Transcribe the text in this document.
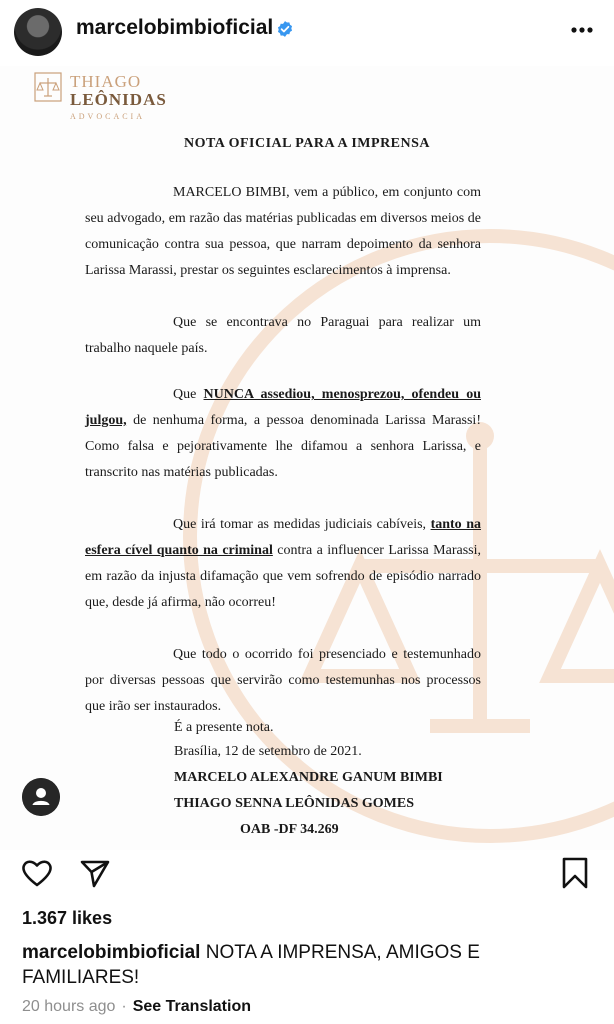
marcelobimbioficial
THIAGO
LEÔNIDAS
ADVOCACIA
NOTA OFICIAL PARA A IMPRENSA
MARCELO BIMBI, vem a público, em conjunto com seu advogado, em razão das matérias publicadas em diversos meios de comunicação contra sua pessoa, que narram depoimento da senhora Larissa Marassi, prestar os seguintes esclarecimentos à imprensa.
Que se encontrava no Paraguai para realizar um trabalho naquele país.
Que NUNCA assediou, menosprezou, ofendeu ou julgou, de nenhuma forma, a pessoa denominada Larissa Marassi! Como falsa e pejorativamente lhe difamou a senhora Larissa, e transcrito nas matérias publicadas.
Que irá tomar as medidas judiciais cabíveis, tanto na esfera cível quanto na criminal contra a influencer Larissa Marassi, em razão da injusta difamação que vem sofrendo de episódio narrado que, desde já afirma, não ocorreu!
Que todo o ocorrido foi presenciado e testemunhado por diversas pessoas que servirão como testemunhas nos processos que irão ser instaurados.
É a presente nota.
Brasília, 12 de setembro de 2021.
MARCELO ALEXANDRE GANUM BIMBI
THIAGO SENNA LEÔNIDAS GOMES
OAB -DF 34.269
1.367 likes
marcelobimbioficial NOTA A IMPRENSA, AMIGOS E FAMILIARES!
20 hours ago · See Translation
